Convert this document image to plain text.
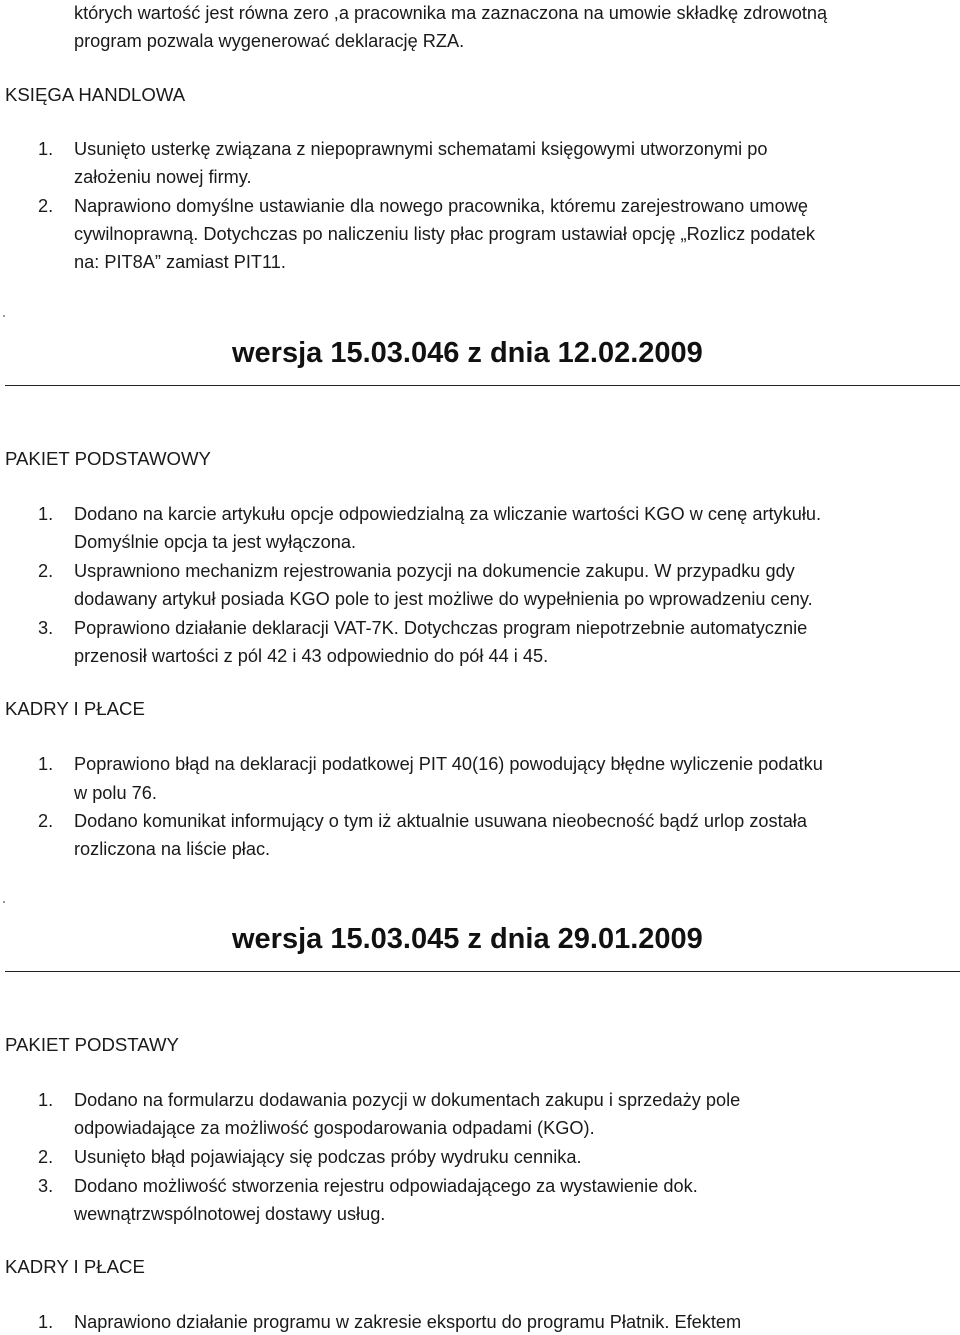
których wartość jest równa zero ,a pracownika ma zaznaczona na umowie składkę zdrowotną
program pozwala wygenerować deklarację RZA.
KSIĘGA HANDLOWA
1. Usunięto usterkę związana z niepoprawnymi schematami księgowymi utworzonymi po
założeniu nowej firmy.
2. Naprawiono domyślne ustawianie dla nowego pracownika, któremu zarejestrowano umowę
cywilnoprawną. Dotychczas po naliczeniu listy płac program ustawiał opcję „Rozlicz podatek
na: PIT8A” zamiast PIT11.
wersja 15.03.046 z dnia 12.02.2009
PAKIET PODSTAWOWY
1. Dodano na karcie artykułu opcje odpowiedzialną za wliczanie wartości KGO w cenę artykułu.
Domyślnie opcja ta jest wyłączona.
2. Usprawniono mechanizm rejestrowania pozycji na dokumencie zakupu. W przypadku gdy
dodawany artykuł posiada KGO pole to jest możliwe do wypełnienia po wprowadzeniu ceny.
3. Poprawiono działanie deklaracji VAT-7K. Dotychczas program niepotrzebnie automatycznie
przenosił wartości z pól 42 i 43 odpowiednio do pół 44 i 45.
KADRY I PŁACE
1. Poprawiono błąd na deklaracji podatkowej PIT 40(16) powodujący błędne wyliczenie podatku
w polu 76.
2. Dodano komunikat informujący o tym iż aktualnie usuwana nieobecność bądź urlop została
rozliczona na liście płac.
wersja 15.03.045 z dnia 29.01.2009
PAKIET PODSTAWY
1. Dodano na formularzu dodawania pozycji w dokumentach zakupu i sprzedaży pole
odpowiadające za możliwość gospodarowania odpadami (KGO).
2. Usunięto błąd pojawiający się podczas próby wydruku cennika.
3. Dodano możliwość stworzenia rejestru odpowiadającego za wystawienie dok.
wewnątrzwspólnotowej dostawy usług.
KADRY I PŁACE
1. Naprawiono działanie programu w zakresie eksportu do programu Płatnik. Efektem
